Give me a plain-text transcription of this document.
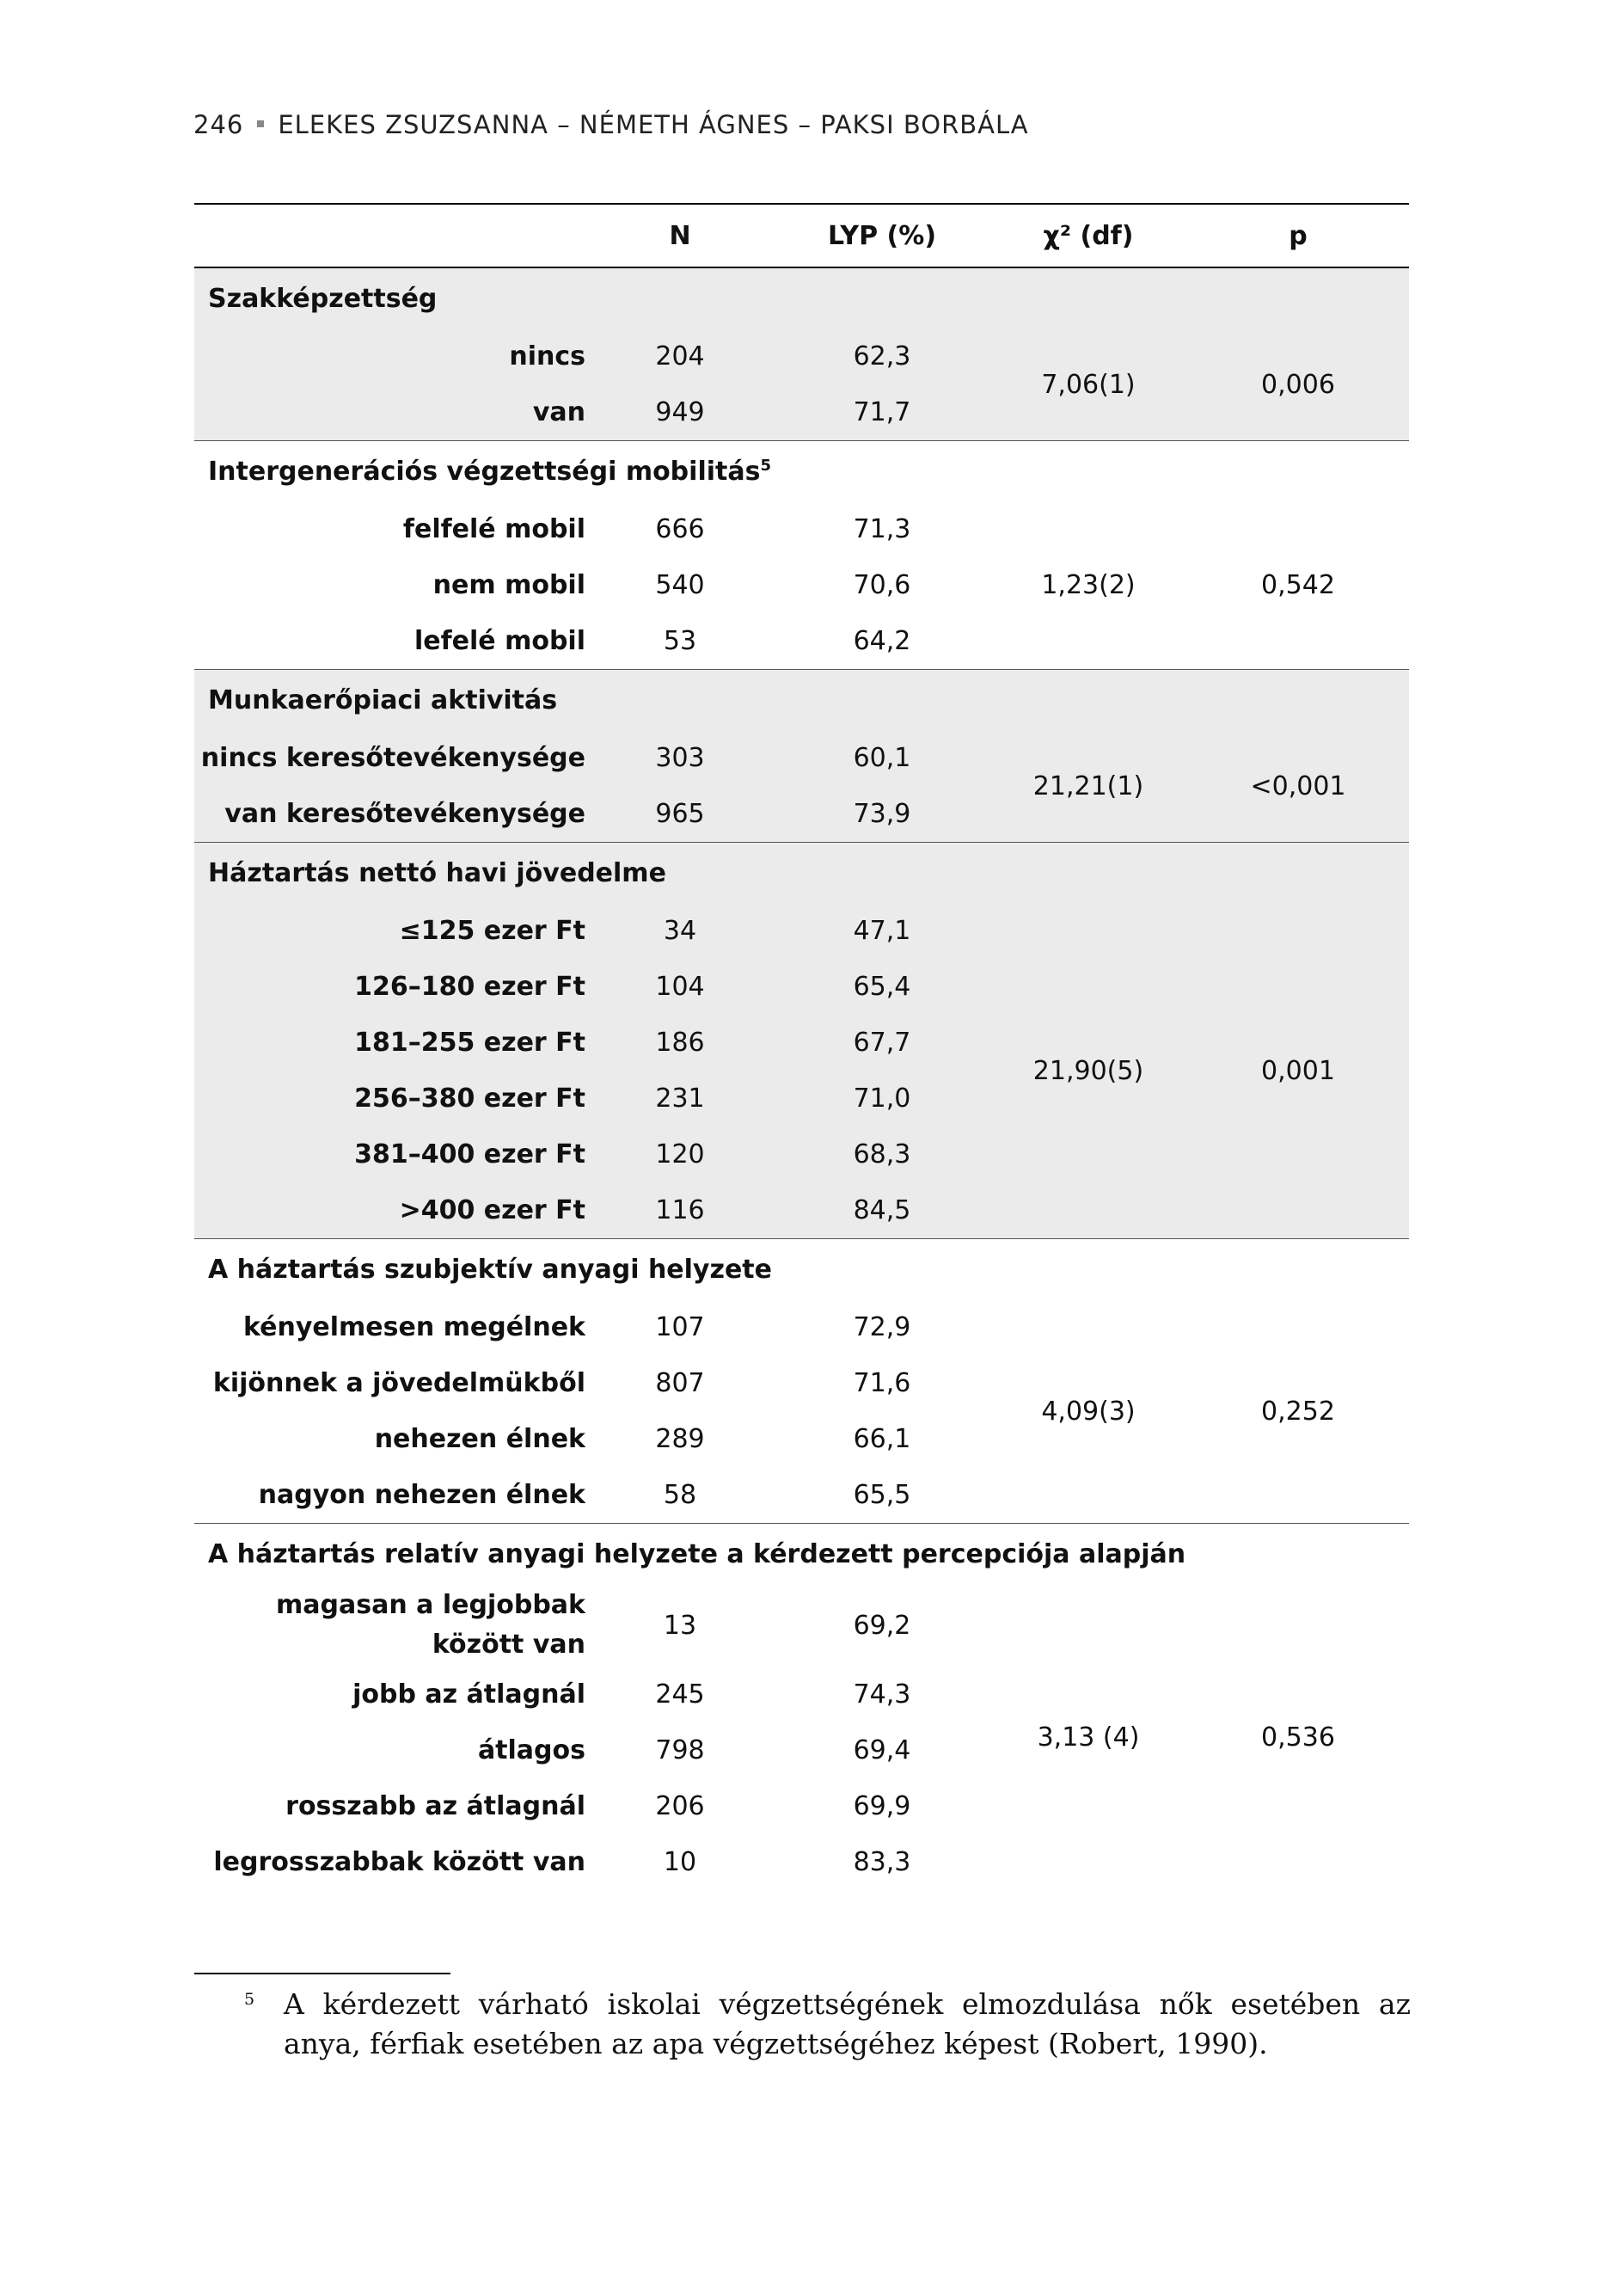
246 ELEKES ZSUZSANNA – NÉMETH ÁGNES – PAKSI BORBÁLA
	N	LYP (%)	χ² (df)	p
Szakképzettség				
nincs	204	62,3	7,06(1)	0,006
van	949	71,7		
Intergenerációs végzettségi mobilitás$^5$
felfelé mobil	666	71,3	1,23(2)	0,542
nem mobil	540	70,6		
lefelé mobil	53	64,2		
Munkaerőpiaci aktivitás				
nincs keresőtevékenysége	303	60,1	21,21(1)	<0,001
van keresőtevékenysége	965	73,9		
Háztartás nettó havi jövedelme				
≤125 ezer Ft	34	47,1	21,90(5)	0,001
126–180 ezer Ft	104	65,4		
181–255 ezer Ft	186	67,7		
256–380 ezer Ft	231	71,0		
381–400 ezer Ft	120	68,3		
>400 ezer Ft	116	84,5		
A háztartás szubjektív anyagi helyzete				
kényelmesen megélnek	107	72,9	4,09(3)	0,252
kijönnek a jövedelmükből	807	71,6		
nehezen élnek	289	66,1		
nagyon nehezen élnek	58	65,5		
A háztartás relatív anyagi helyzete a kérdezett percepciója alapján				
magasan a legjobbak
között van	13	69,2	3,13 (4)	0,536
jobb az átlagnál	245	74,3		
átlagos	798	69,4		
rosszabb az átlagnál	206	69,9		
legrosszabbak között van	10	83,3		
5	A kérdezett várható iskolai végzettségének elmozdulása nők esetében az anya, férfiak esetében az apa végzettségéhez képest (Robert, 1990).
